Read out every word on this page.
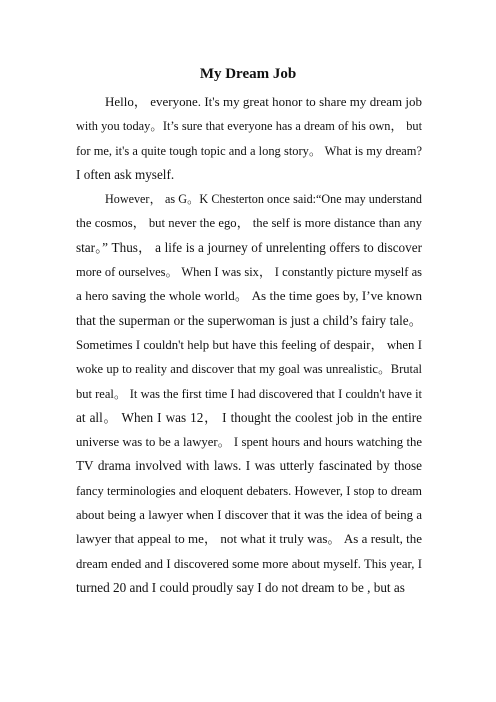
My Dream Job
Hello， everyone. It's my great honor to share my dream job
with you today。It’s sure that everyone has a dream of his own， but
for me, it's a quite tough topic and a long story。 What is my dream?
I often ask myself.
However， as G。K Chesterton once said:“One may understand
the cosmos， but never the ego， the self is more distance than any
star。” Thus， a life is a journey of unrelenting offers to discover
more of ourselves。 When I was six， I constantly picture myself as
a hero saving the whole world。 As the time goes by, I’ve known
that the superman or the superwoman is just a child’s fairy tale。
Sometimes I couldn't help but have this feeling of despair， when I
woke up to reality and discover that my goal was unrealistic。Brutal
but real。 It was the first time I had discovered that I couldn't have it
at all。 When I was 12， I thought the coolest job in the entire
universe was to be a lawyer。 I spent hours and hours watching the
TV drama involved with laws. I was utterly fascinated by those
fancy terminologies and eloquent debaters. However, I stop to dream
about being a lawyer when I discover that it was the idea of being a
lawyer that appeal to me， not what it truly was。 As a result, the
dream ended and I discovered some more about myself. This year, I
turned 20 and I could proudly say I do not dream to be , but as
